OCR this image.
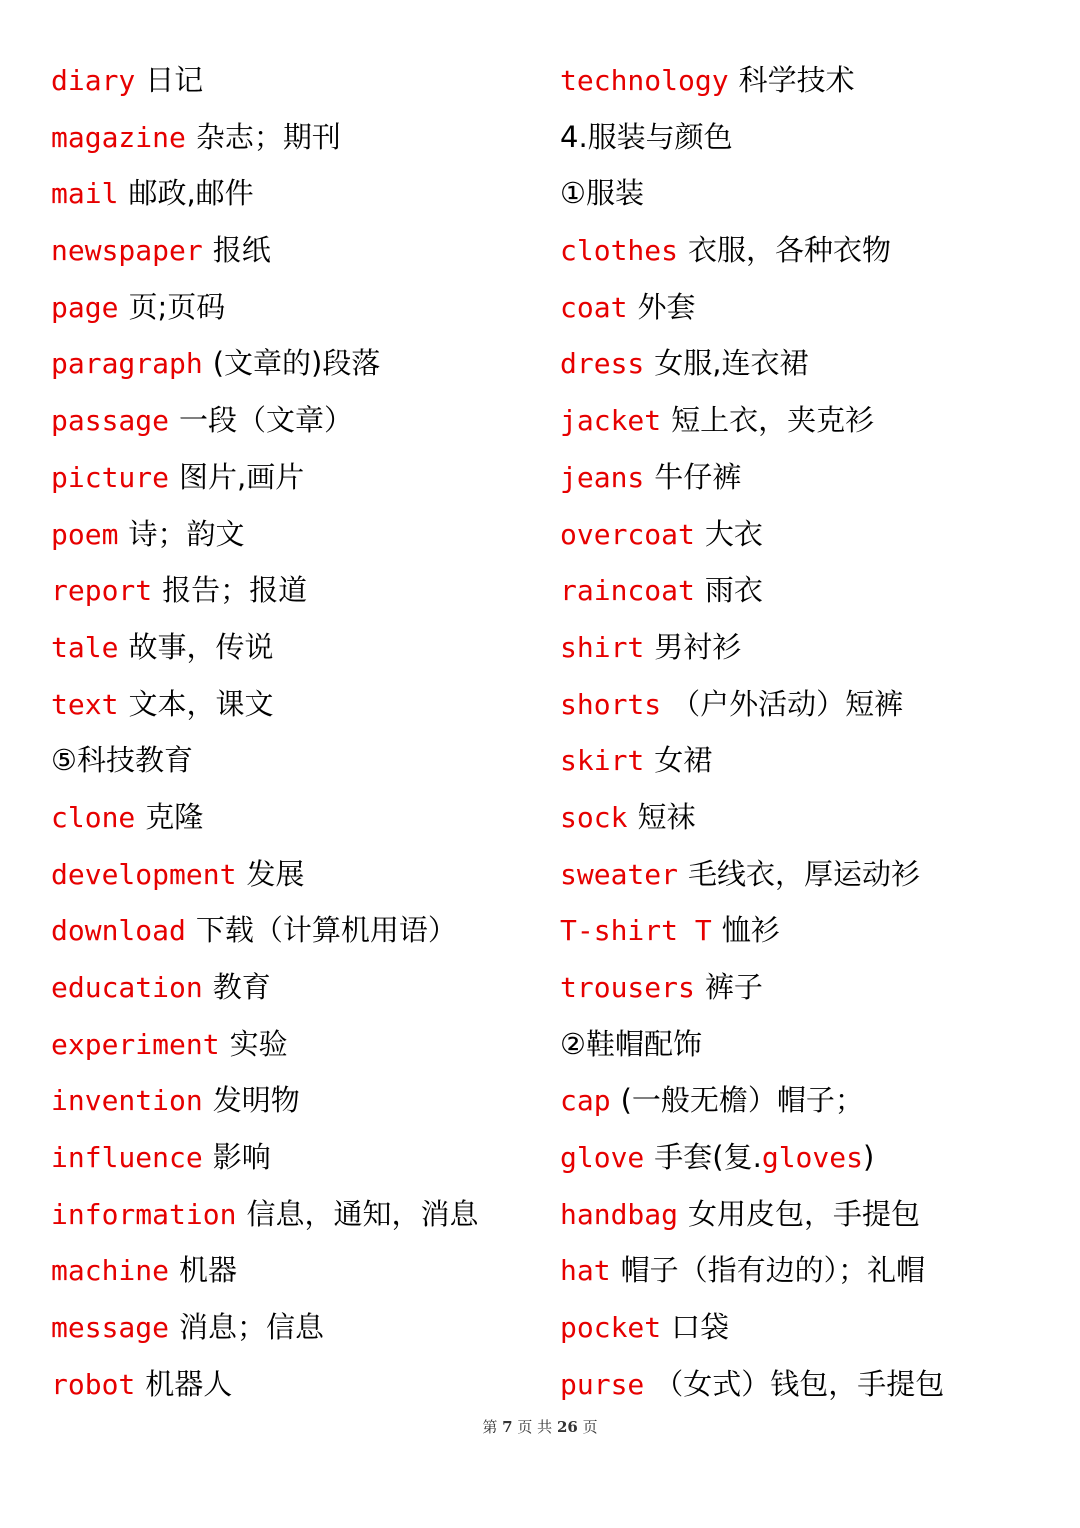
diary 日记
magazine 杂志；期刊
mail 邮政,邮件
newspaper 报纸
page 页;页码
paragraph (文章的)段落
passage 一段（文章）
picture 图片,画片
poem 诗；韵文
report 报告；报道
tale 故事，传说
text 文本，课文
⑤科技教育
clone 克隆
development 发展
download 下载（计算机用语）
education 教育
experiment 实验
invention 发明物
influence 影响
information 信息，通知，消息
machine 机器
message 消息；信息
robot 机器人
technology 科学技术
4.服装与颜色
①服装
clothes 衣服，各种衣物
coat 外套
dress 女服,连衣裙
jacket 短上衣，夹克衫
jeans 牛仔裤
overcoat 大衣
raincoat 雨衣
shirt 男衬衫
shorts （户外活动）短裤
skirt 女裙
sock 短袜
sweater 毛线衣，厚运动衫
T-shirt T 恤衫
trousers 裤子
②鞋帽配饰
cap (一般无檐）帽子；
glove 手套(复.gloves)
handbag 女用皮包，手提包
hat 帽子（指有边的）；礼帽
pocket 口袋
purse （女式）钱包，手提包
第 7 页 共 26 页
